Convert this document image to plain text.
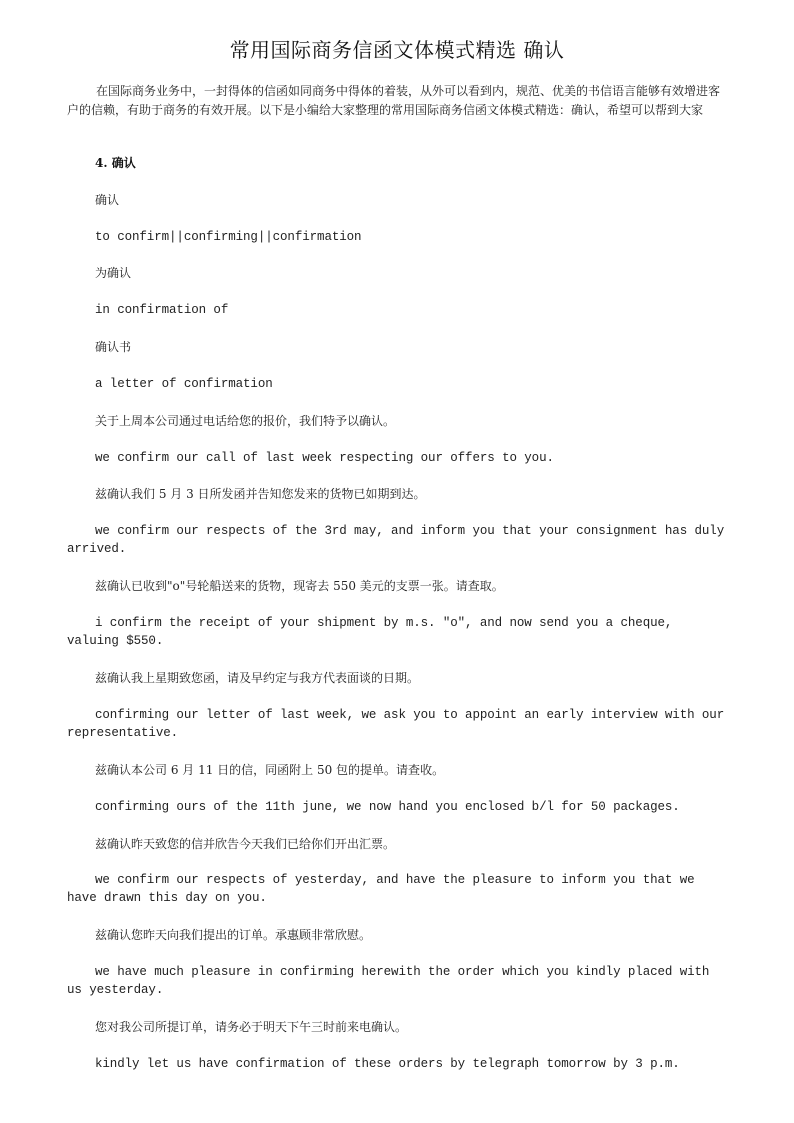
常用国际商务信函文体模式精选 确认

在国际商务业务中，一封得体的信函如同商务中得体的着装，从外可以看到内，规范、优美的书信语言能够有效增进客户的信赖，有助于商务的有效开展。以下是小编给大家整理的常用国际商务信函文体模式精选：确认，希望可以帮到大家

4. 确认

确认

to confirm||confirming||confirmation

为确认

in confirmation of

确认书

a letter of confirmation

关于上周本公司通过电话给您的报价，我们特予以确认。

we confirm our call of last week respecting our offers to you.

兹确认我们 5 月 3 日所发函并告知您发来的货物已如期到达。

we confirm our respects of the 3rd may, and inform you that your consignment has duly arrived.

兹确认已收到"o"号轮船送来的货物，现寄去 550 美元的支票一张。请查取。

i confirm the receipt of your shipment by m.s. "o", and now send you a cheque, valuing $550.

兹确认我上星期致您函，请及早约定与我方代表面谈的日期。

confirming our letter of last week, we ask you to appoint an early interview with our representative.

兹确认本公司 6 月 11 日的信，同函附上 50 包的提单。请查收。

confirming ours of the 11th june, we now hand you enclosed b/l for 50 packages.

兹确认昨天致您的信并欣告今天我们已给你们开出汇票。

we confirm our respects of yesterday, and have the pleasure to inform you that we have drawn this day on you.

兹确认您昨天向我们提出的订单。承惠顾非常欣慰。

we have much pleasure in confirming herewith the order which you kindly placed with us yesterday.

您对我公司所提订单，请务必于明天下午三时前来电确认。

kindly let us have confirmation of these orders by telegraph tomorrow by 3 p.m.
